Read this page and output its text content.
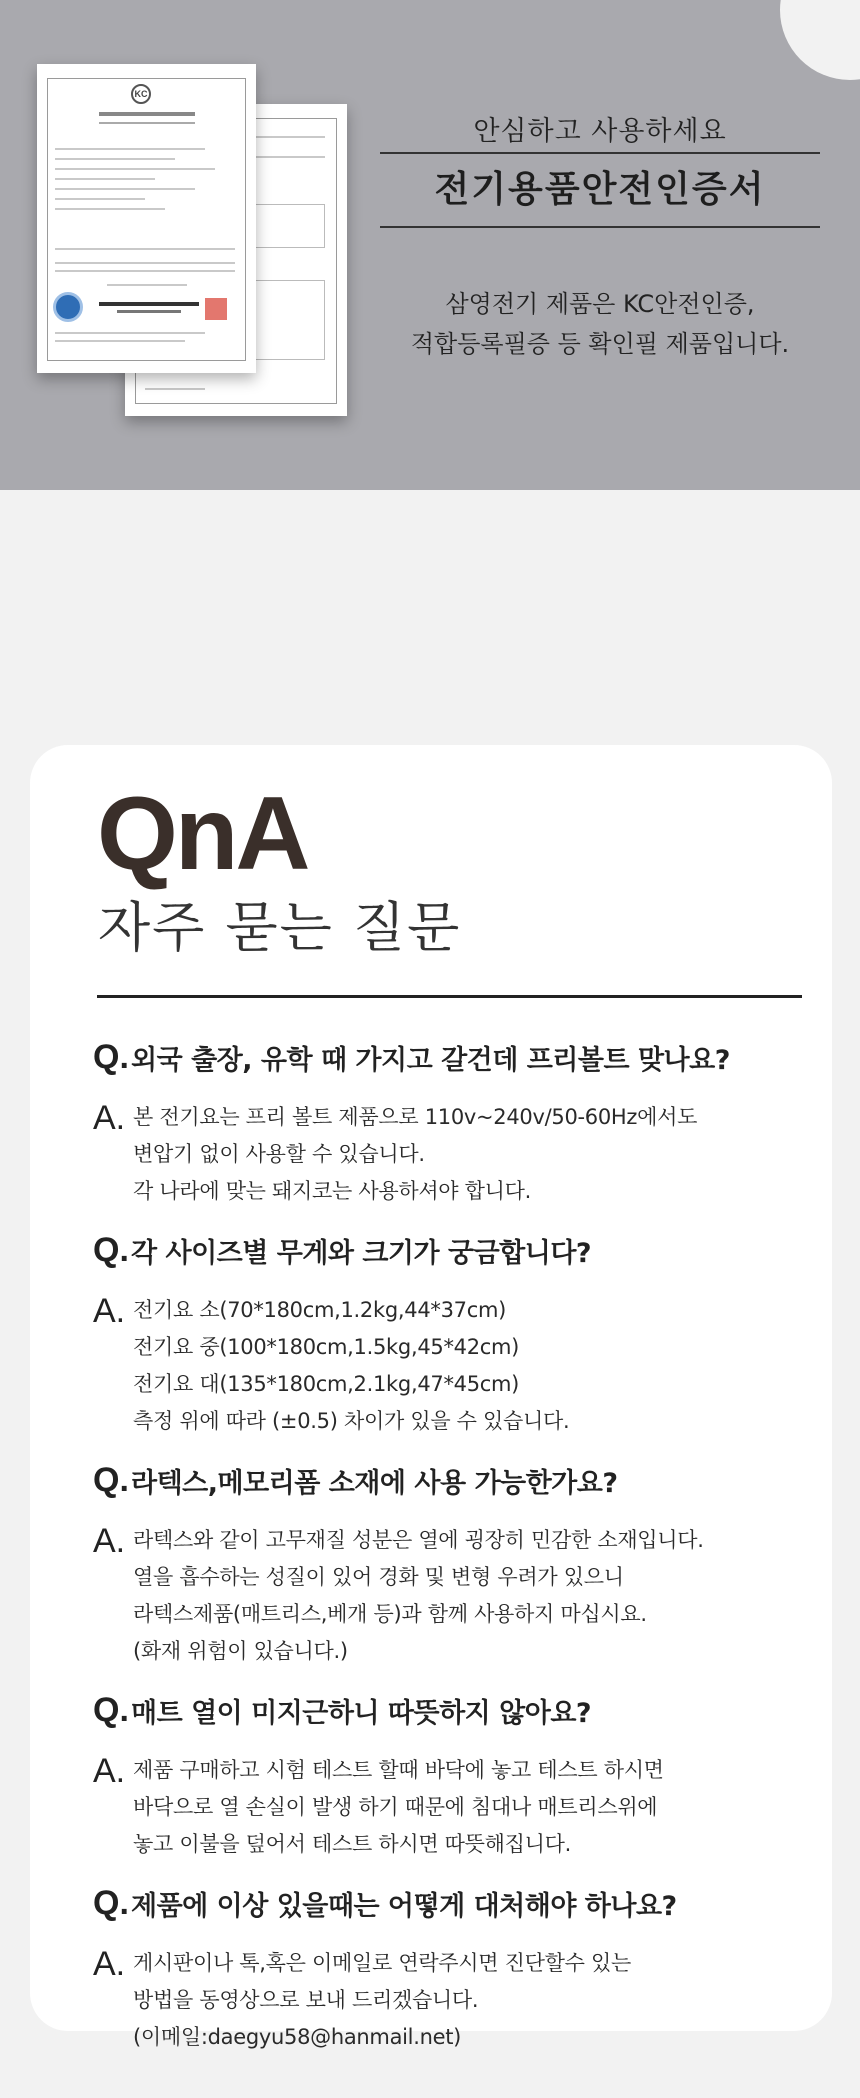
KC
안심하고 사용하세요
전기용품안전인증서
삼영전기 제품은 KC안전인증,
적합등록필증 등 확인필 제품입니다.
QnA
자주 묻는 질문
Q. 외국 출장, 유학 때 가지고 갈건데 프리볼트 맞나요?
A. 본 전기요는 프리 볼트 제품으로 110v~240v/50-60Hz에서도
변압기 없이 사용할 수 있습니다.
각 나라에 맞는 돼지코는 사용하셔야 합니다.
Q. 각 사이즈별 무게와 크기가 궁금합니다?
A. 전기요 소(70*180cm,1.2kg,44*37cm)
전기요 중(100*180cm,1.5kg,45*42cm)
전기요 대(135*180cm,2.1kg,47*45cm)
측정 위에 따라 (±0.5) 차이가 있을 수 있습니다.
Q. 라텍스,메모리폼 소재에 사용 가능한가요?
A. 라텍스와 같이 고무재질 성분은 열에 굉장히 민감한 소재입니다.
열을 흡수하는 성질이 있어 경화 및 변형 우려가 있으니
라텍스제품(매트리스,베개 등)과 함께 사용하지 마십시요.
(화재 위험이 있습니다.)
Q. 매트 열이 미지근하니 따뜻하지 않아요?
A. 제품 구매하고 시험 테스트 할때 바닥에 놓고 테스트 하시면
바닥으로 열 손실이 발생 하기 때문에 침대나 매트리스위에
놓고 이불을 덮어서 테스트 하시면 따뜻해집니다.
Q. 제품에 이상 있을때는 어떻게 대처해야 하나요?
A. 게시판이나 톡,혹은 이메일로 연락주시면 진단할수 있는
방법을 동영상으로 보내 드리겠습니다.
(이메일:daegyu58@hanmail.net)
